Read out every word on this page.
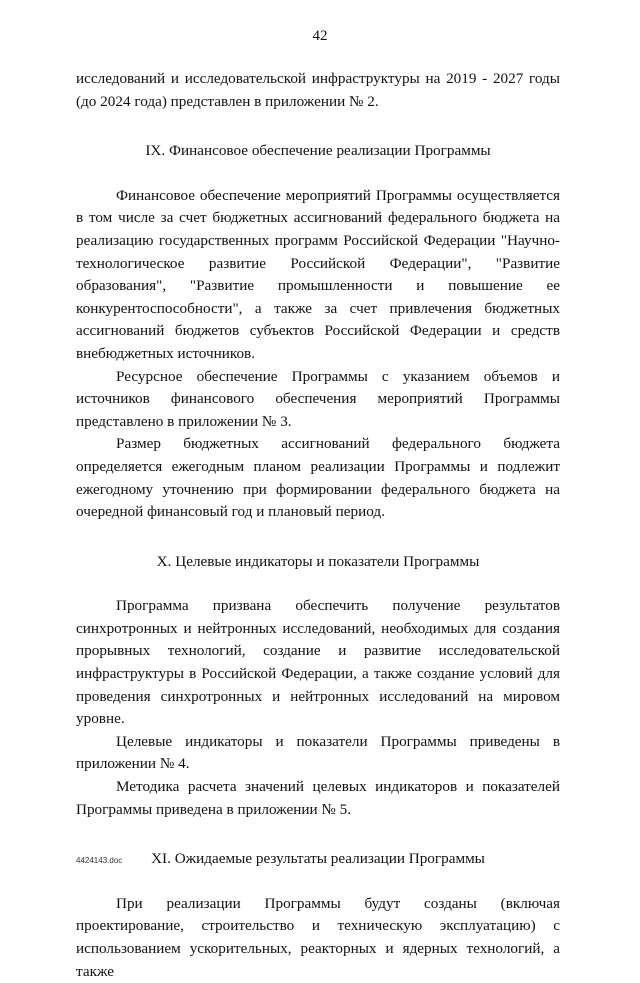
42

исследований и исследовательской инфраструктуры на 2019 - 2027 годы (до 2024 года) представлен в приложении № 2.

IX. Финансовое обеспечение реализации Программы

Финансовое обеспечение мероприятий Программы осуществляется в том числе за счет бюджетных ассигнований федерального бюджета на реализацию государственных программ Российской Федерации "Научно-технологическое развитие Российской Федерации", "Развитие образования", "Развитие промышленности и повышение ее конкурентоспособности", а также за счет привлечения бюджетных ассигнований бюджетов субъектов Российской Федерации и средств внебюджетных источников.

Ресурсное обеспечение Программы с указанием объемов и источников финансового обеспечения мероприятий Программы представлено в приложении № 3.

Размер бюджетных ассигнований федерального бюджета определяется ежегодным планом реализации Программы и подлежит ежегодному уточнению при формировании федерального бюджета на очередной финансовый год и плановый период.

X. Целевые индикаторы и показатели Программы

Программа призвана обеспечить получение результатов синхротронных и нейтронных исследований, необходимых для создания прорывных технологий, создание и развитие исследовательской инфраструктуры в Российской Федерации, а также создание условий для проведения синхротронных и нейтронных исследований на мировом уровне.

Целевые индикаторы и показатели Программы приведены в приложении № 4.

Методика расчета значений целевых индикаторов и показателей Программы приведена в приложении № 5.

XI. Ожидаемые результаты реализации Программы

При реализации Программы будут созданы (включая проектирование, строительство и техническую эксплуатацию) с использованием ускорительных, реакторных и ядерных технологий, а также

4424143.doc
